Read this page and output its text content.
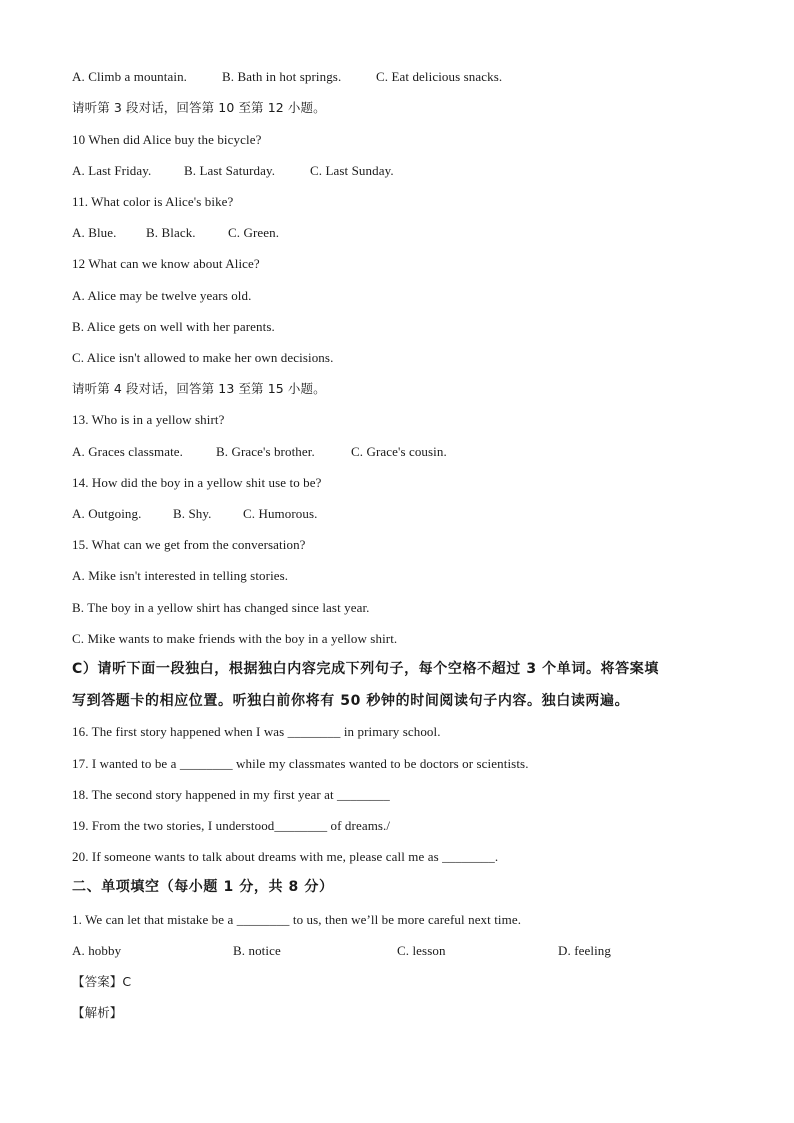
A. Climb a mountain.	B. Bath in hot springs.	C. Eat delicious snacks.
请听第 3 段对话，回答第 10 至第 12 小题。
10 When did Alice buy the bicycle?
A. Last Friday.	B. Last Saturday.	C. Last Sunday.
11. What color is Alice's bike?
A. Blue. B. Black. C. Green.
12 What can we know about Alice?
A. Alice may be twelve years old.
B. Alice gets on well with her parents.
C. Alice isn't allowed to make her own decisions.
请听第 4 段对话，回答第 13 至第 15 小题。
13. Who is in a yellow shirt?
A. Graces classmate.	B. Grace's brother.	C. Grace's cousin.
14. How did the boy in a yellow shit use to be?
A. Outgoing. B. Shy. C. Humorous.
15. What can we get from the conversation?
A. Mike isn't interested in telling stories.
B. The boy in a yellow shirt has changed since last year.
C. Mike wants to make friends with the boy in a yellow shirt.
C）请听下面一段独白，根据独白内容完成下列句子，每个空格不超过 3 个单词。将答案填
写到答题卡的相应位置。听独白前你将有 50 秒钟的时间阅读句子内容。独白读两遍。
16. The first story happened when I was ________ in primary school.
17. I wanted to be a ________ while my classmates wanted to be doctors or scientists.
18. The second story happened in my first year at ________
19. From the two stories, I understood________ of dreams./
20. If someone wants to talk about dreams with me, please call me as ________.
二、单项填空（每小题 1 分，共 8 分）
1. We can let that mistake be a ________ to us, then we’ll be more careful next time.
A. hobby	B. notice	C. lesson	D. feeling
【答案】C
【解析】
